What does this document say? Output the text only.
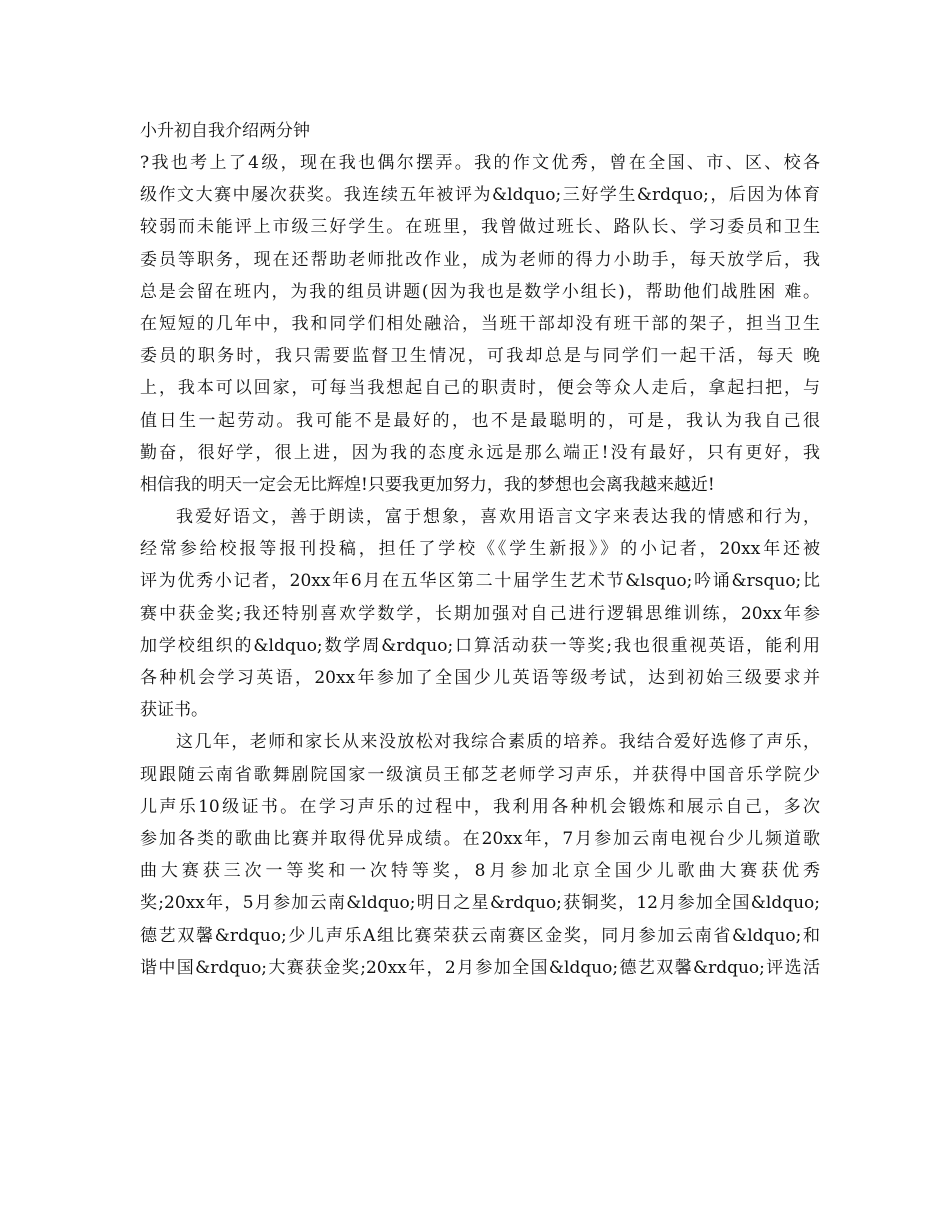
小升初自我介绍两分钟
?我也考上了4级，现在我也偶尔摆弄。我的作文优秀，曾在全国、市、区、校各
级作文大赛中屡次获奖。我连续五年被评为&ldquo;三好学生&rdquo;，后因为体育
较弱而未能评上市级三好学生。在班里，我曾做过班长、路队长、学习委员和卫生
委员等职务，现在还帮助老师批改作业，成为老师的得力小助手，每天放学后，我
总是会留在班内，为我的组员讲题(因为我也是数学小组长)，帮助他们战胜困 难。
在短短的几年中，我和同学们相处融洽，当班干部却没有班干部的架子，担当卫生
委员的职务时，我只需要监督卫生情况，可我却总是与同学们一起干活，每天 晚
上，我本可以回家，可每当我想起自己的职责时，便会等众人走后，拿起扫把，与
值日生一起劳动。我可能不是最好的，也不是最聪明的，可是，我认为我自己很
勤奋，很好学，很上进，因为我的态度永远是那么端正!没有最好，只有更好，我
相信我的明天一定会无比辉煌!只要我更加努力，我的梦想也会离我越来越近!
我爱好语文，善于朗读，富于想象，喜欢用语言文字来表达我的情感和行为，
经常参给校报等报刊投稿，担任了学校《《学生新报》》的小记者，20xx年还被
评为优秀小记者，20xx年6月在五华区第二十届学生艺术节&lsquo;吟诵&rsquo;比
赛中获金奖;我还特别喜欢学数学，长期加强对自己进行逻辑思维训练，20xx年参
加学校组织的&ldquo;数学周&rdquo;口算活动获一等奖;我也很重视英语，能利用
各种机会学习英语，20xx年参加了全国少儿英语等级考试，达到初始三级要求并
获证书。
这几年，老师和家长从来没放松对我综合素质的培养。我结合爱好选修了声乐，
现跟随云南省歌舞剧院国家一级演员王郁芝老师学习声乐，并获得中国音乐学院少
儿声乐10级证书。在学习声乐的过程中，我利用各种机会锻炼和展示自己，多次
参加各类的歌曲比赛并取得优异成绩。在20xx年，7月参加云南电视台少儿频道歌
曲大赛获三次一等奖和一次特等奖，8月参加北京全国少儿歌曲大赛获优秀
奖;20xx年，5月参加云南&ldquo;明日之星&rdquo;获铜奖，12月参加全国&ldquo;
德艺双馨&rdquo;少儿声乐A组比赛荣获云南赛区金奖，同月参加云南省&ldquo;和
谐中国&rdquo;大赛获金奖;20xx年，2月参加全国&ldquo;德艺双馨&rdquo;评选活
